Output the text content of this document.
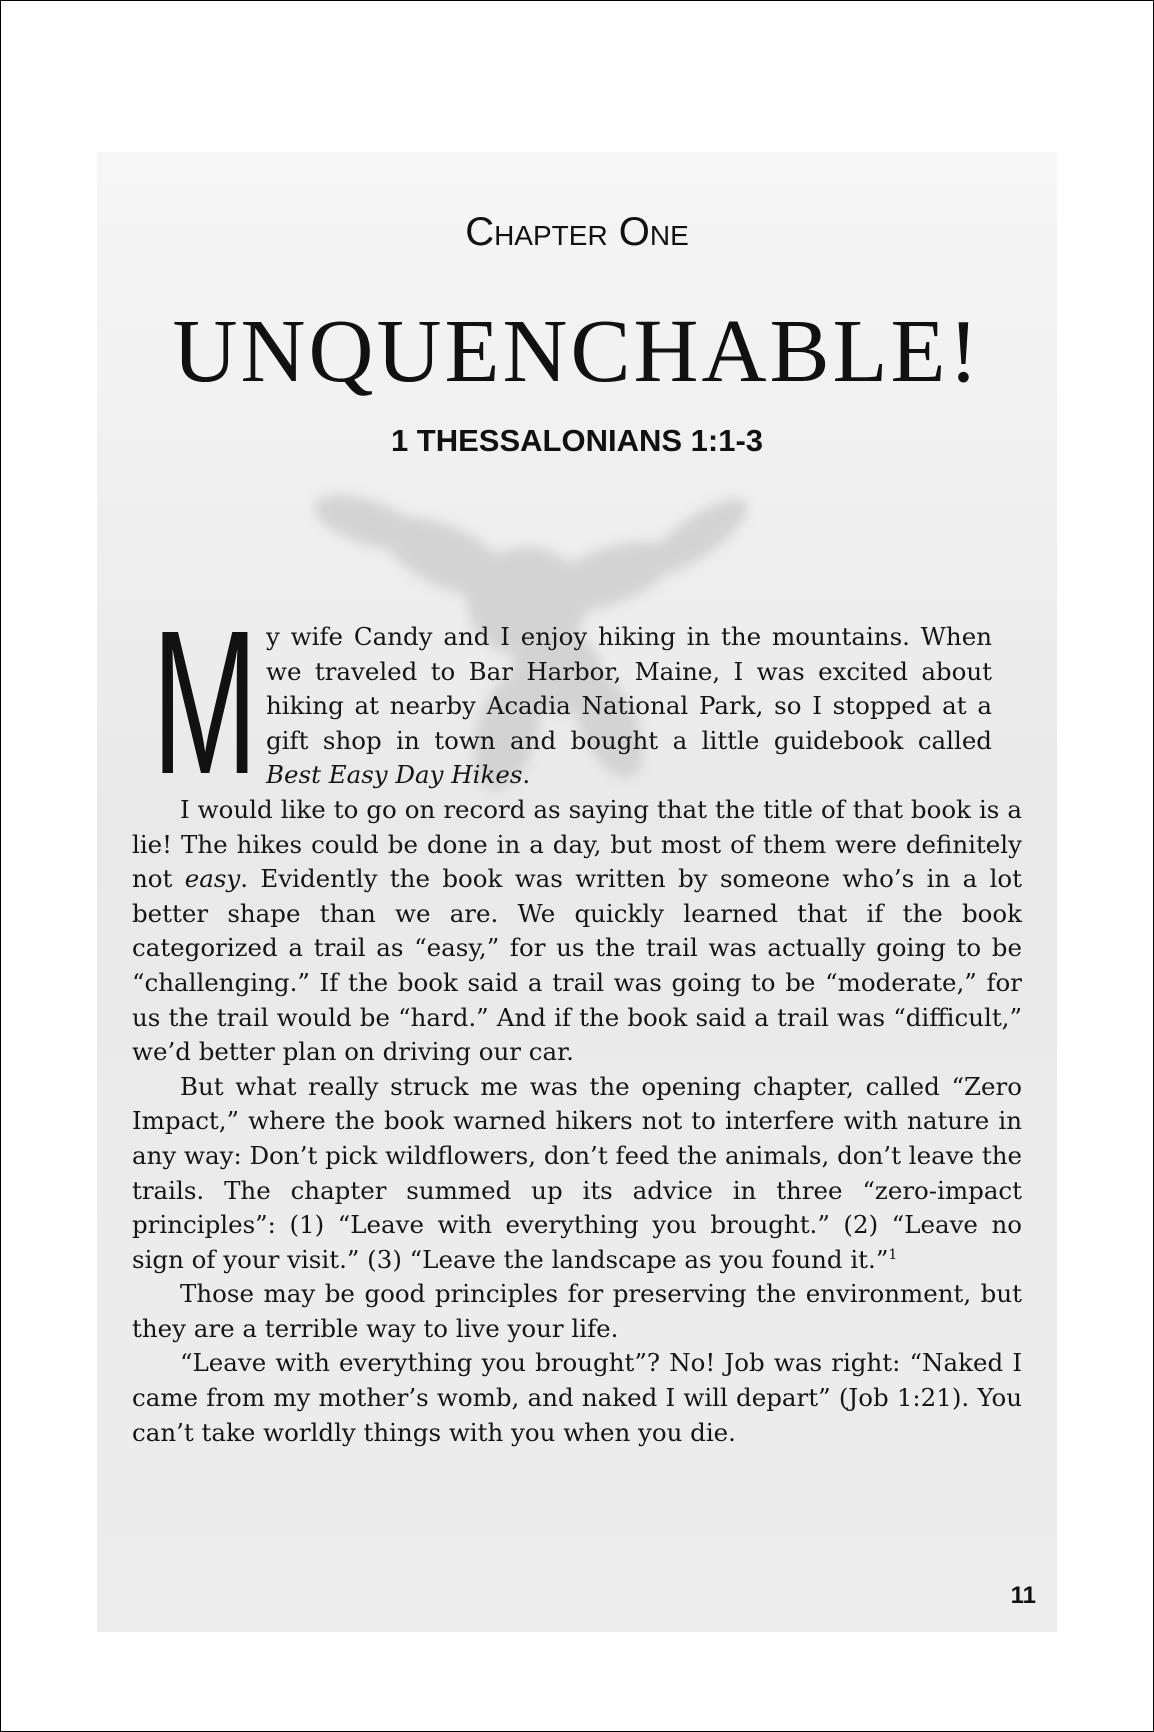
Chapter One
UNQUENCHABLE!
1 THESSALONIANS 1:1-3

My wife Candy and I enjoy hiking in the mountains. When we traveled to Bar Harbor, Maine, I was excited about hiking at nearby Acadia National Park, so I stopped at a gift shop in town and bought a little guidebook called Best Easy Day Hikes.

I would like to go on record as saying that the title of that book is a lie! The hikes could be done in a day, but most of them were definitely not easy. Evidently the book was written by someone who’s in a lot better shape than we are. We quickly learned that if the book categorized a trail as “easy,” for us the trail was actually going to be “challenging.” If the book said a trail was going to be “moderate,” for us the trail would be “hard.” And if the book said a trail was “difficult,” we’d better plan on driving our car.

But what really struck me was the opening chapter, called “Zero Impact,” where the book warned hikers not to interfere with nature in any way: Don’t pick wildflowers, don’t feed the animals, don’t leave the trails. The chapter summed up its advice in three “zero-impact principles”: (1) “Leave with everything you brought.” (2) “Leave no sign of your visit.” (3) “Leave the landscape as you found it.”$^1$

Those may be good principles for preserving the environment, but they are a terrible way to live your life.

“Leave with everything you brought”? No! Job was right: “Naked I came from my mother’s womb, and naked I will depart” (Job 1:21). You can’t take worldly things with you when you die.

11
